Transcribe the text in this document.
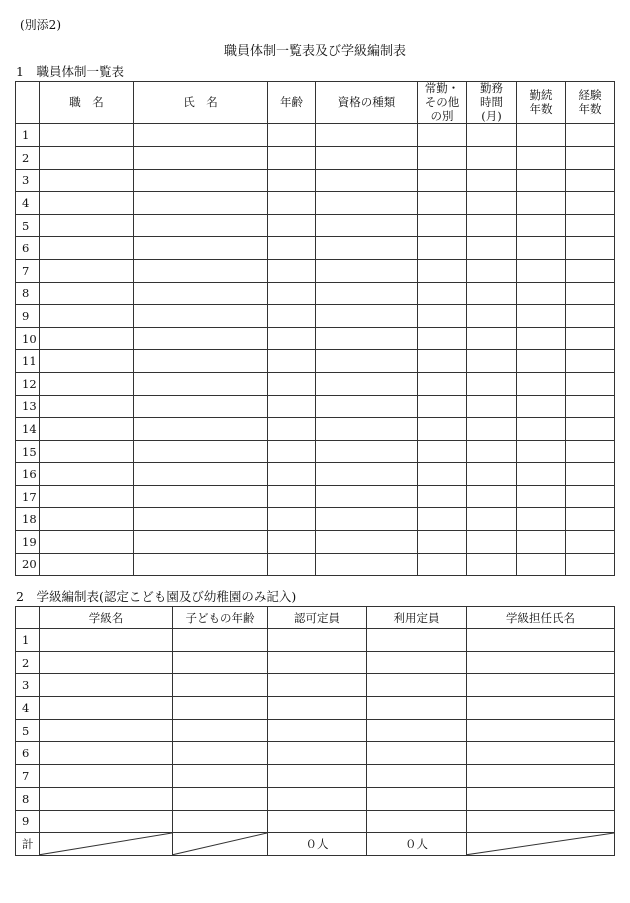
(別添2)
職員体制一覧表及び学級編制表
1　職員体制一覧表
	職　名	氏　名	年齢	資格の種類	常勤・
その他
の別	勤務
時間
(月)	勤続
年数	経験
年数
1								
2								
3								
4								
5								
6								
7								
8								
9								
10								
11								
12								
13								
14								
15								
16								
17								
18								
19								
20								
2　学級編制表(認定こども園及び幼稚園のみ記入)
	学級名	子どもの年齢	認可定員	利用定員	学級担任氏名
1					
2					
3					
4					
5					
6					
7					
8					
9					
計			０人	０人	
